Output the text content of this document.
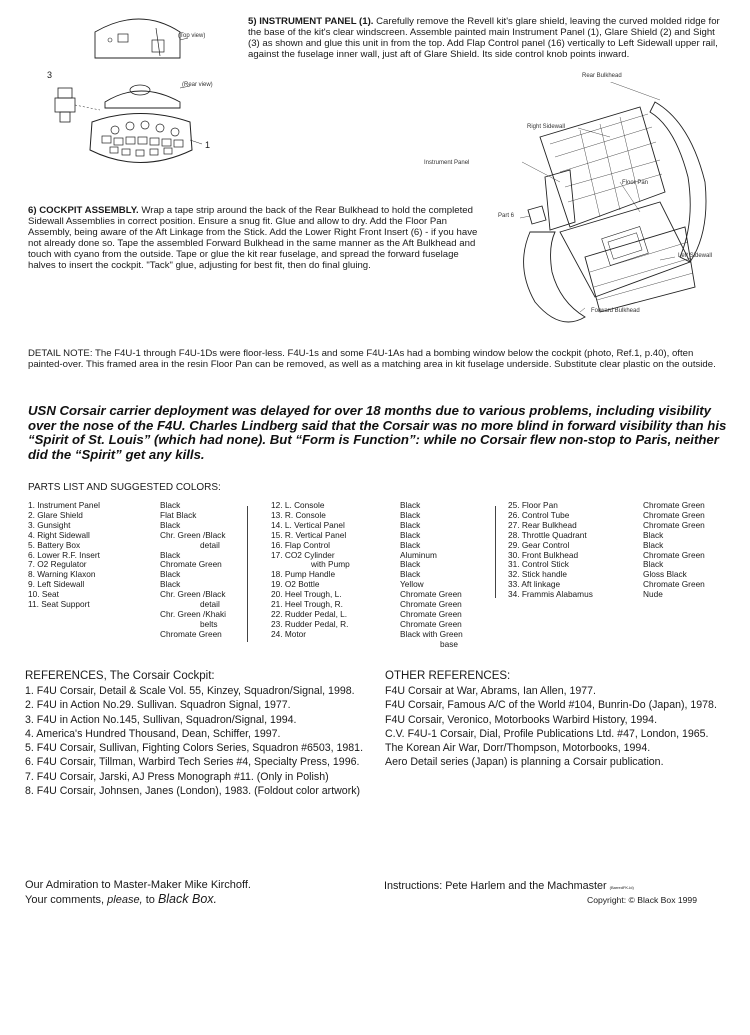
(Top view)
(Rear view)
3
1
5) INSTRUMENT PANEL (1). Carefully remove the Revell kit's glare shield, leaving the curved molded ridge for the base of the kit's clear windscreen. Assemble painted main Instrument Panel (1), Glare Shield (2) and Sight (3) as shown and glue this unit in from the top. Add Flap Control panel (16) vertically to Left Sidewall upper rail, against the fuselage inner wall, just aft of Glare Shield. Its side control knob points inward.
Rear Bulkhead
Right Sidewall
Instrument Panel
Floor Pan
Part 6
Left Sidewall
Forward Bulkhead
6) COCKPIT ASSEMBLY. Wrap a tape strip around the back of the Rear Bulkhead to hold the completed Sidewall Assemblies in correct position. Ensure a snug fit. Glue and allow to dry. Add the Floor Pan Assembly, being aware of the Aft Linkage from the Stick. Add the Lower Right Front Insert (6) - if you have not already done so. Tape the assembled Forward Bulkhead in the same manner as the Aft Bulkhead and touch with cyano from the outside. Tape or glue the kit rear fuselage, and spread the forward fuselage halves to insert the cockpit. "Tack" glue, adjusting for best fit, then do final gluing.
DETAIL NOTE: The F4U-1 through F4U-1Ds were floor-less. F4U-1s and some F4U-1As had a bombing window below the cockpit (photo, Ref.1, p.40), often painted-over. This framed area in the resin Floor Pan can be removed, as well as a matching area in kit fuselage underside. Substitute clear plastic on the outside.
USN Corsair carrier deployment was delayed for over 18 months due to various problems, including visibility over the nose of the F4U. Charles Lindberg said that the Corsair was no more blind in forward visibility than his “Spirit of St. Louis” (which had none). But “Form is Function”: while no Corsair flew non-stop to Paris, neither did the “Spirit” get any kills.
PARTS LIST AND SUGGESTED COLORS:
1. Instrument Panel
2. Glare Shield
3. Gunsight
4. Right Sidewall
5. Battery Box
6. Lower R.F. Insert
7. O2 Regulator
8. Warning Klaxon
9. Left Sidewall
10. Seat
11. Seat Support
Black
Flat Black
Black
Chr. Green /Black
detail
Black
Chromate Green
Black
Black
Chr. Green /Black
detail
Chr. Green /Khaki
belts
Chromate Green
12. L. Console
13. R. Console
14. L. Vertical Panel
15. R. Vertical Panel
16. Flap Control
17. CO2 Cylinder
with Pump
18. Pump Handle
19. O2 Bottle
20. Heel Trough, L.
21. Heel Trough, R.
22. Rudder Pedal, L.
23. Rudder Pedal, R.
24. Motor
Black
Black
Black
Black
Black
Aluminum
Black
Black
Yellow
Chromate Green
Chromate Green
Chromate Green
Chromate Green
Black with Green
base
25. Floor Pan
26. Control Tube
27. Rear Bulkhead
28. Throttle Quadrant
29. Gear Control
30. Front Bulkhead
31. Control Stick
32. Stick handle
33. Aft linkage
34. Frammis Alabamus
Chromate Green
Chromate Green
Chromate Green
Black
Black
Chromate Green
Black
Gloss Black
Chromate Green
Nude
REFERENCES, The Corsair Cockpit:
1. F4U Corsair, Detail & Scale Vol. 55, Kinzey, Squadron/Signal, 1998.
2. F4U in Action No.29. Sullivan. Squadron Signal, 1977.
3. F4U in Action No.145, Sullivan, Squadron/Signal, 1994.
4. America's Hundred Thousand, Dean, Schiffer, 1997.
5. F4U Corsair, Sullivan, Fighting Colors Series, Squadron #6503, 1981.
6. F4U Corsair, Tillman, Warbird Tech Series #4, Specialty Press, 1996.
7. F4U Corsair, Jarski, AJ Press Monograph #11. (Only in Polish)
8. F4U Corsair, Johnsen, Janes (London), 1983. (Foldout color artwork)
OTHER REFERENCES:
F4U Corsair at War, Abrams, Ian Allen, 1977.
F4U Corsair, Famous A/C of the World #104, Bunrin-Do (Japan), 1978.
F4U Corsair, Veronico, Motorbooks Warbird History, 1994.
C.V. F4U-1 Corsair, Dial, Profile Publications Ltd. #47, London, 1965.
The Korean Air War, Dorr/Thompson, Motorbooks, 1994.
Aero Detail series (Japan) is planning a Corsair publication.
Our Admiration to Master-Maker Mike Kirchoff.
Your comments, please, to Black Box.
Instructions: Pete Harlem and the Machmaster (BarredFK-ld)
Copyright: © Black Box 1999
